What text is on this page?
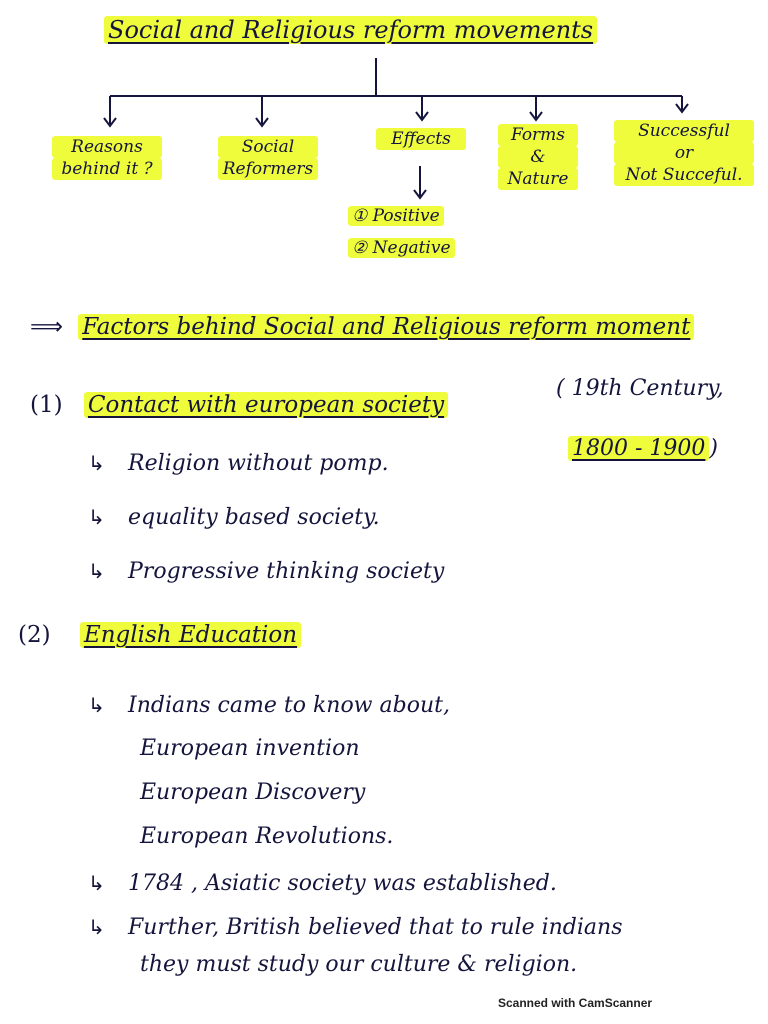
Social and Religious reform movements
Reasons
behind it ?
Social
Reformers
Effects	Forms
&
Nature
Successful
or
Not Succeful.
① Positive
② Negative
⟹ Factors behind Social and Religious reform moment
(1) Contact with european society
( 19th Century,
1800 - 1900 )
↳ Religion without pomp.
↳ equality based society.
↳ Progressive thinking society
(2) English Education
↳ Indians came to know about,
European invention
European Discovery
European Revolutions.
↳ 1784 , Asiatic society was established.
↳ Further, British believed that to rule indians
they must study our culture & religion.
Scanned with CamScanner
